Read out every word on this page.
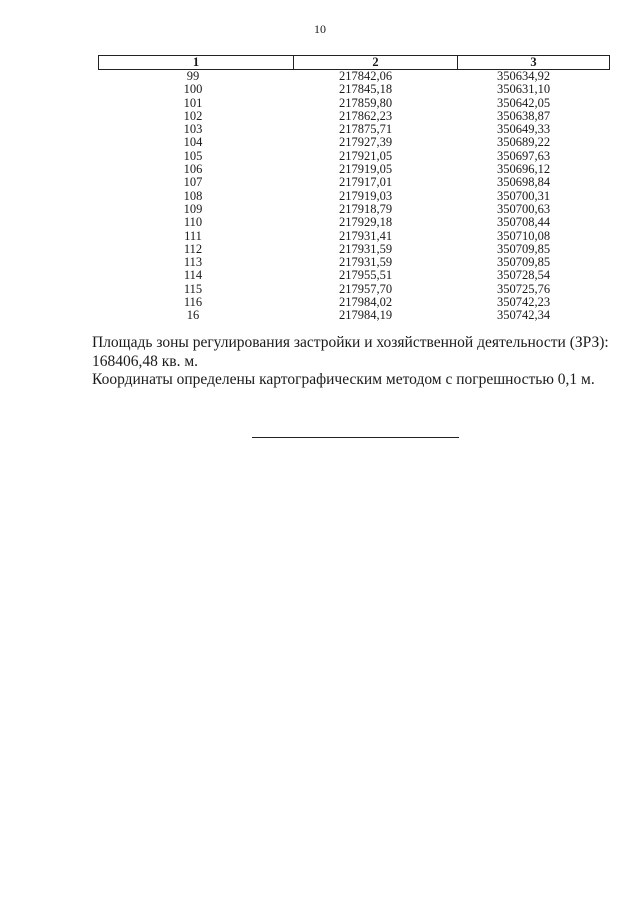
10
1	2	3
99	217842,06	350634,92
100	217845,18	350631,10
101	217859,80	350642,05
102	217862,23	350638,87
103	217875,71	350649,33
104	217927,39	350689,22
105	217921,05	350697,63
106	217919,05	350696,12
107	217917,01	350698,84
108	217919,03	350700,31
109	217918,79	350700,63
110	217929,18	350708,44
111	217931,41	350710,08
112	217931,59	350709,85
113	217931,59	350709,85
114	217955,51	350728,54
115	217957,70	350725,76
116	217984,02	350742,23
16	217984,19	350742,34

Площадь зоны регулирования застройки и хозяйственной деятельности (ЗРЗ):

168406,48 кв. м.

Координаты определены картографическим методом с погрешностью 0,1 м.
